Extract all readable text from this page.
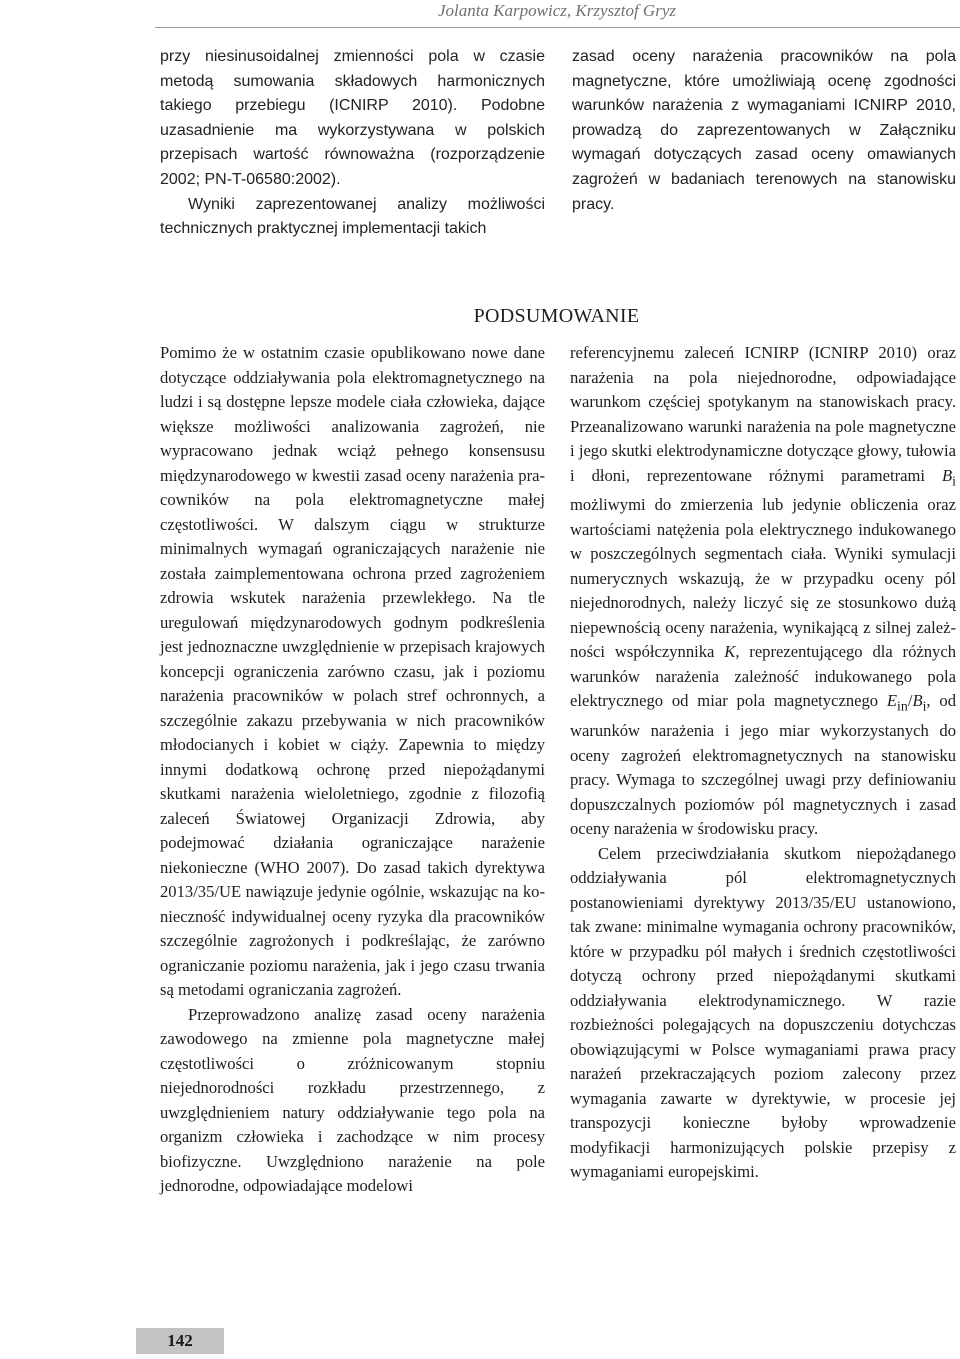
Jolanta Karpowicz, Krzysztof Gryz

przy niesinusoidalnej zmienności pola w czasie metodą sumowania składowych harmonicznych takiego przebiegu (ICNIRP 2010). Podobne uzasadnienie ma wykorzystywana w polskich przepisach wartość równoważna (rozporządzenie 2002; PN-T-06580:2002).

Wyniki zaprezentowanej analizy możliwości technicznych praktycznej implementacji takich

zasad oceny narażenia pracowników na pola magnetyczne, które umożliwiają ocenę zgodności warunków narażenia z wymaganiami ICNIRP 2010, prowadzą do zaprezentowanych w Załączniku wymagań dotyczących zasad oceny omawianych zagrożeń w badaniach terenowych na stanowisku pracy.

PODSUMOWANIE

Pomimo że w ostatnim czasie opublikowano nowe dane dotyczące oddziaływania pola elektromagnetycznego na ludzi i są dostępne lepsze modele ciała człowieka, dające większe możliwości analizowania zagrożeń, nie wypracowano jednak wciąż pełnego konsensusu międzynarodowego w kwestii zasad oceny narażenia pracowników na pola elektromagnetyczne małej częstotliwości. W dalszym ciągu w strukturze minimalnych wymagań ograniczających narażenie nie została zaimplementowana ochrona przed zagrożeniem zdrowia wskutek narażenia przewlekłego. Na tle uregulowań międzynarodowych godnym podkreślenia jest jednoznaczne uwzględnienie w przepisach krajowych koncepcji ograniczenia zarówno czasu, jak i poziomu narażenia pracowników w polach stref ochronnych, a szczególnie zakazu przebywania w nich pracowników młodocianych i kobiet w ciąży. Zapewnia to między innymi dodatkową ochronę przed niepożądanymi skutkami narażenia wieloletniego, zgodnie z filozofią zaleceń Światowej Organizacji Zdrowia, aby podejmować działania ograniczające narażenie niekonieczne (WHO 2007). Do zasad takich dyrektywa 2013/35/UE nawiązuje jedynie ogólnie, wskazując na konieczność indywidualnej oceny ryzyka dla pracowników szczególnie zagrożonych i podkreślając, że zarówno ograniczanie poziomu narażenia, jak i jego czasu trwania są metodami ograniczania zagrożeń.

Przeprowadzono analizę zasad oceny narażenia zawodowego na zmienne pola magnetyczne małej częstotliwości o zróżnicowanym stopniu niejednorodności rozkładu przestrzennego, z uwzględnieniem natury oddziaływanie tego pola na organizm człowieka i zachodzące w nim procesy biofizyczne. Uwzględniono narażenie na pole jednorodne, odpowiadające modelowi

referencyjnemu zaleceń ICNIRP (ICNIRP 2010) oraz narażenia na pola niejednorodne, odpowiadające warunkom częściej spotykanym na stanowiskach pracy. Przeanalizowano warunki narażenia na pole magnetyczne i jego skutki elektrodynamiczne dotyczące głowy, tułowia i dłoni, reprezentowane różnymi parametrami $B_i$ możliwymi do zmierzenia lub jedynie obliczenia oraz wartościami natężenia pola elektrycznego indukowanego w poszczególnych segmentach ciała. Wyniki symulacji numerycznych wskazują, że w przypadku oceny pól niejednorodnych, należy liczyć się ze stosunkowo dużą niepewnością oceny narażenia, wynikającą z silnej zależności współczynnika K, reprezentującego dla różnych warunków narażenia zależność indukowanego pola elektrycznego od miar pola magnetycznego $E_{in}/B_i$, od warunków narażenia i jego miar wykorzystanych do oceny zagrożeń elektromagnetycznych na stanowisku pracy. Wymaga to szczególnej uwagi przy definiowaniu dopuszczalnych poziomów pól magnetycznych i zasad oceny narażenia w środowisku pracy.

Celem przeciwdziałania skutkom niepożądanego oddziaływania pól elektromagnetycznych postanowieniami dyrektywy 2013/35/EU ustanowiono, tak zwane: minimalne wymagania ochrony pracowników, które w przypadku pól małych i średnich częstotliwości dotyczą ochrony przed niepożądanymi skutkami oddziaływania elektrodynamicznego. W razie rozbieżności polegających na dopuszczeniu dotychczas obowiązującymi w Polsce wymaganiami prawa pracy narażeń przekraczających poziom zalecony przez wymagania zawarte w dyrektywie, w procesie jej transpozycji konieczne byłoby wprowadzenie modyfikacji harmonizujących polskie przepisy z wymaganiami europejskimi.

142
